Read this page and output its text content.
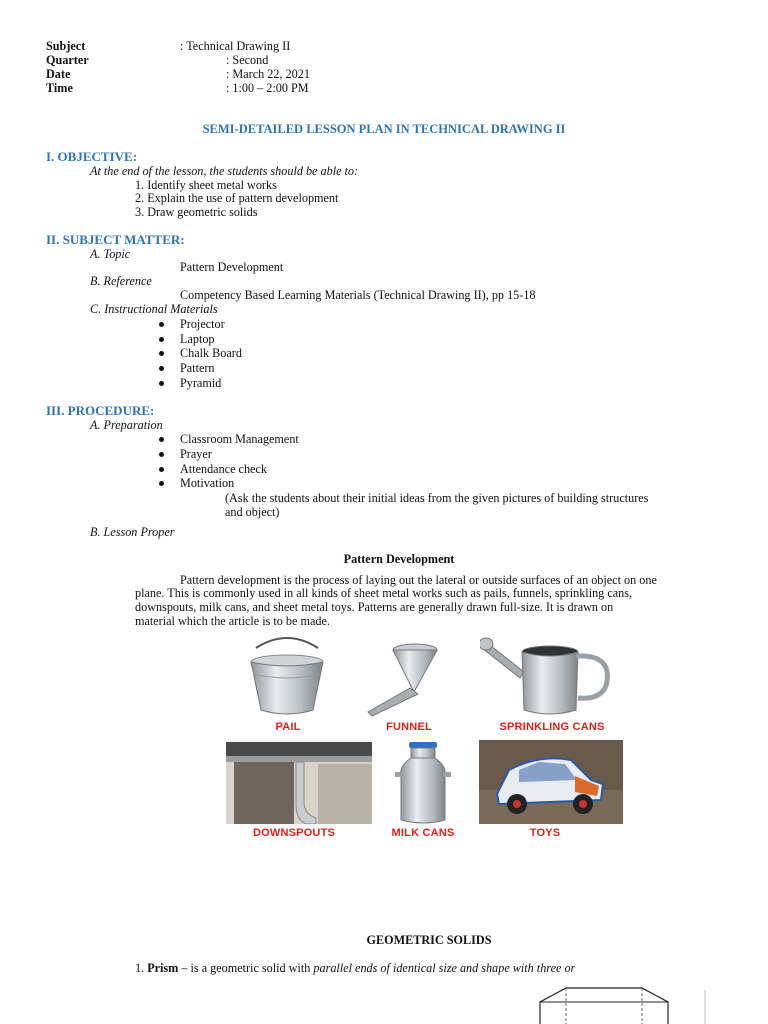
Subject	: Technical Drawing II
Quarter	: Second
Date	: March 22, 2021
Time	: 1:00 – 2:00 PM
SEMI-DETAILED LESSON PLAN IN TECHNICAL DRAWING II
I. OBJECTIVE:
At the end of the lesson, the students should be able to:
1. Identify sheet metal works
2. Explain the use of pattern development
3. Draw geometric solids
II. SUBJECT MATTER:
A. Topic
Pattern Development
B. Reference
Competency Based Learning Materials (Technical Drawing II), pp 15-18
C. Instructional Materials
Projector
Laptop
Chalk Board
Pattern
Pyramid
III. PROCEDURE:
A. Preparation
Classroom Management
Prayer
Attendance check
Motivation
(Ask the students about their initial ideas from the given pictures of building structures
and object)
B. Lesson Proper
Pattern Development
Pattern development is the process of laying out the lateral or outside surfaces of an object on one
plane. This is commonly used in all kinds of sheet metal works such as pails, funnels, sprinkling cans,
downspouts, milk cans, and sheet metal toys. Patterns are generally drawn full-size. It is drawn on
material which the article is to be made.
PAIL	FUNNEL	SPRINKLING CANS
DOWNSPOUTS	MILK CANS	TOYS
GEOMETRIC SOLIDS
1. Prism – is a geometric solid with parallel ends of identical size and shape with three or
